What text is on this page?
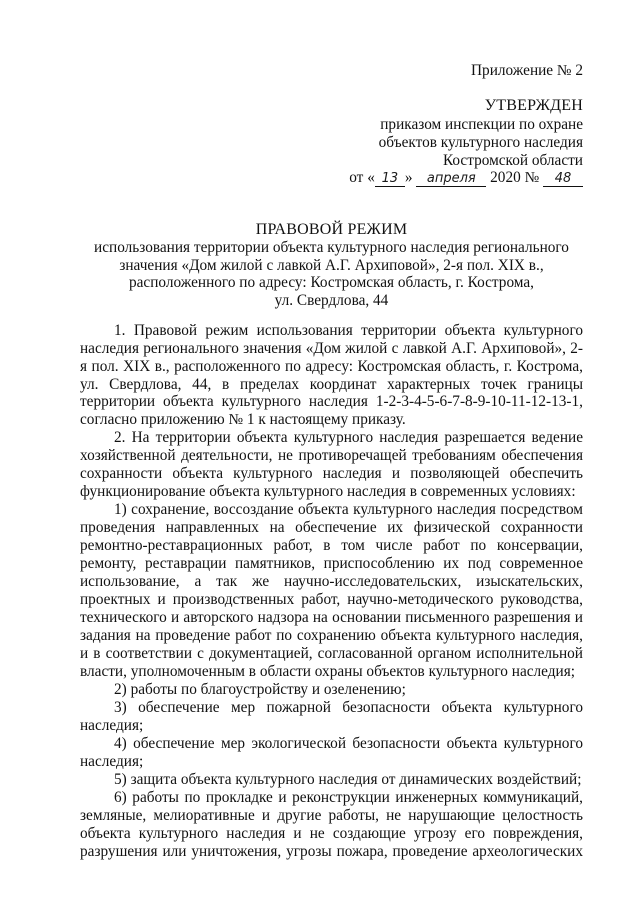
Приложение № 2
УТВЕРЖДЕН
приказом инспекции по охране
объектов культурного наследия
Костромской области
от « 13 » апреля 2020 № 48
ПРАВОВОЙ РЕЖИМ
использования территории объекта культурного наследия регионального
значения «Дом жилой с лавкой А.Г. Архиповой», 2-я пол. XIX в.,
расположенного по адресу: Костромская область, г. Кострома,
ул. Свердлова, 44
1. Правовой режим использования территории объекта культурного
наследия регионального значения «Дом жилой с лавкой А.Г. Архиповой», 2-
я пол. XIX в., расположенного по адресу: Костромская область, г. Кострома,
ул. Свердлова, 44, в пределах координат характерных точек границы
территории объекта культурного наследия 1-2-3-4-5-6-7-8-9-10-11-12-13-1,
согласно приложению № 1 к настоящему приказу.
2. На территории объекта культурного наследия разрешается ведение
хозяйственной деятельности, не противоречащей требованиям обеспечения
сохранности объекта культурного наследия и позволяющей обеспечить
функционирование объекта культурного наследия в современных условиях:
1) сохранение, воссоздание объекта культурного наследия посредством
проведения направленных на обеспечение их физической сохранности
ремонтно-реставрационных работ, в том числе работ по консервации,
ремонту, реставрации памятников, приспособлению их под современное
использование, а так же научно-исследовательских, изыскательских,
проектных и производственных работ, научно-методического руководства,
технического и авторского надзора на основании письменного разрешения и
задания на проведение работ по сохранению объекта культурного наследия,
и в соответствии с документацией, согласованной органом исполнительной
власти, уполномоченным в области охраны объектов культурного наследия;
2) работы по благоустройству и озеленению;
3) обеспечение мер пожарной безопасности объекта культурного
наследия;
4) обеспечение мер экологической безопасности объекта культурного
наследия;
5) защита объекта культурного наследия от динамических воздействий;
6) работы по прокладке и реконструкции инженерных коммуникаций,
земляные, мелиоративные и другие работы, не нарушающие целостность
объекта культурного наследия и не создающие угрозу его повреждения,
разрушения или уничтожения, угрозы пожара, проведение археологических
